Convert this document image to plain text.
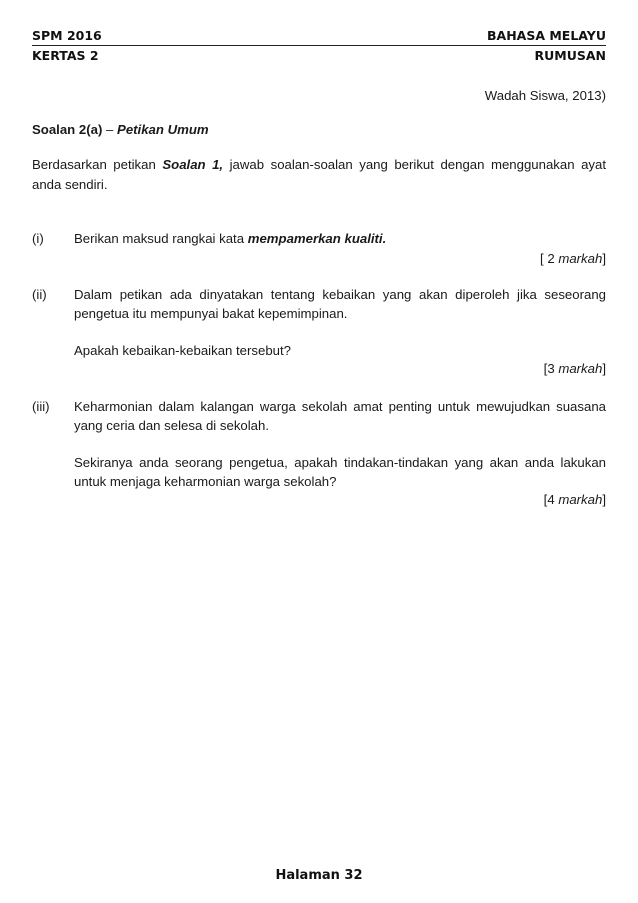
SPM 2016	BAHASA MELAYU
KERTAS 2	RUMUSAN
Wadah Siswa, 2013)
Soalan 2(a) – Petikan Umum
Berdasarkan petikan Soalan 1, jawab soalan-soalan yang berikut dengan menggunakan ayat
anda sendiri.
(i) Berikan maksud rangkai kata mempamerkan kualiti.
[ 2 markah]
(ii) Dalam petikan ada dinyatakan tentang kebaikan yang akan diperoleh jika seseorang
pengetua itu mempunyai bakat kepemimpinan.
Apakah kebaikan-kebaikan tersebut?
[3 markah]
(iii) Keharmonian dalam kalangan warga sekolah amat penting untuk mewujudkan suasana
yang ceria dan selesa di sekolah.
Sekiranya anda seorang pengetua, apakah tindakan-tindakan yang akan anda lakukan
untuk menjaga keharmonian warga sekolah?
[4 markah]
Halaman 32
